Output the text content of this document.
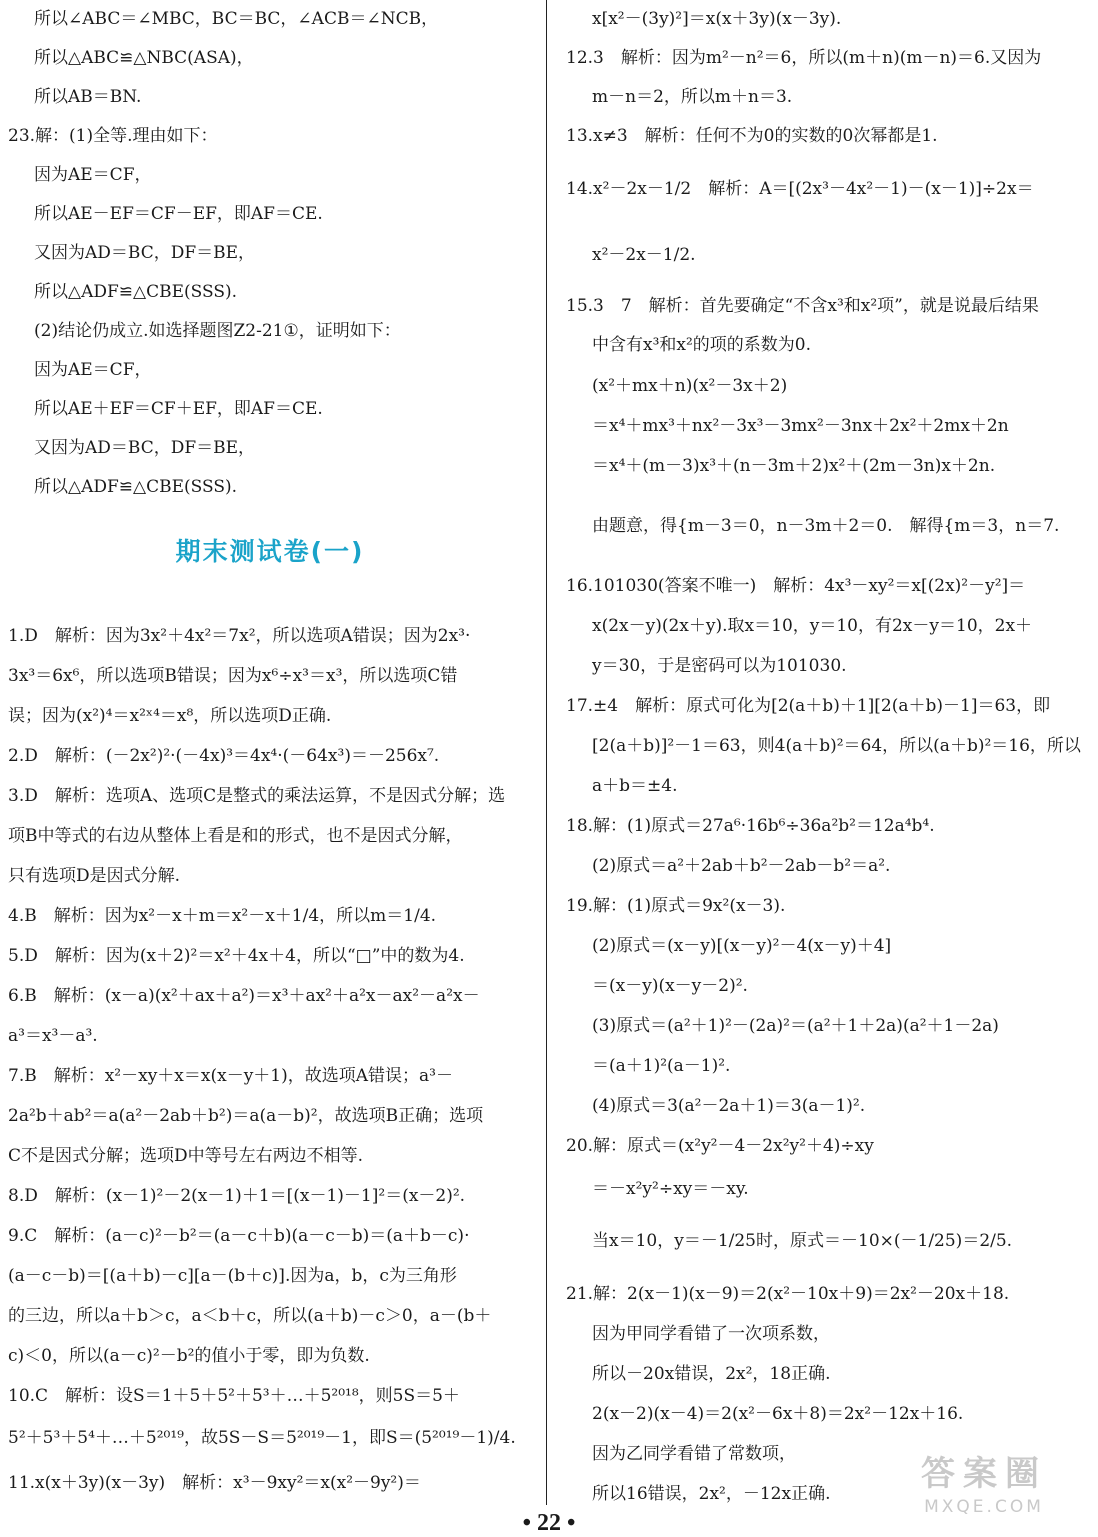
所以∠ABC＝∠MBC，BC＝BC，∠ACB＝∠NCB，
所以△ABC≌△NBC(ASA)，
所以AB＝BN.
23.解：(1)全等.理由如下：
因为AE＝CF，
所以AE－EF＝CF－EF，即AF＝CE.
又因为AD＝BC，DF＝BE，
所以△ADF≌△CBE(SSS).
(2)结论仍成立.如选择题图Z2-21①，证明如下：
因为AE＝CF，
所以AE＋EF＝CF＋EF，即AF＝CE.
又因为AD＝BC，DF＝BE，
所以△ADF≌△CBE(SSS).
期末测试卷(一)
1.D　解析：因为3x²＋4x²＝7x²，所以选项A错误；因为2x³·
3x³＝6x⁶，所以选项B错误；因为x⁶÷x³＝x³，所以选项C错
误；因为(x²)⁴＝x²ˣ⁴＝x⁸，所以选项D正确.
2.D　解析：(－2x²)²·(－4x)³＝4x⁴·(－64x³)＝－256x⁷.
3.D　解析：选项A、选项C是整式的乘法运算，不是因式分解；选
项B中等式的右边从整体上看是和的形式，也不是因式分解，
只有选项D是因式分解.
4.B　解析：因为x²－x＋m＝x²－x＋1/4，所以m＝1/4.
5.D　解析：因为(x＋2)²＝x²＋4x＋4，所以“□”中的数为4.
6.B　解析：(x－a)(x²＋ax＋a²)＝x³＋ax²＋a²x－ax²－a²x－
a³＝x³－a³.
7.B　解析：x²－xy＋x＝x(x－y＋1)，故选项A错误；a³－
2a²b＋ab²＝a(a²－2ab＋b²)＝a(a－b)²，故选项B正确；选项
C不是因式分解；选项D中等号左右两边不相等.
8.D　解析：(x－1)²－2(x－1)＋1＝[(x－1)－1]²＝(x－2)².
9.C　解析：(a－c)²－b²＝(a－c＋b)(a－c－b)＝(a＋b－c)·
(a－c－b)＝[(a＋b)－c][a－(b＋c)].因为a，b，c为三角形
的三边，所以a＋b＞c，a＜b＋c，所以(a＋b)－c＞0，a－(b＋
c)＜0，所以(a－c)²－b²的值小于零，即为负数.
10.C　解析：设S＝1＋5＋5²＋5³＋…＋5²⁰¹⁸，则5S＝5＋
5²＋5³＋5⁴＋…＋5²⁰¹⁹，故5S－S＝5²⁰¹⁹－1，即S＝(5²⁰¹⁹－1)/4.
11.x(x＋3y)(x－3y)　解析：x³－9xy²＝x(x²－9y²)＝
x[x²－(3y)²]＝x(x＋3y)(x－3y).
12.3　解析：因为m²－n²＝6，所以(m＋n)(m－n)＝6.又因为
m－n＝2，所以m＋n＝3.
13.x≠3　解析：任何不为0的实数的0次幂都是1.
14.x²－2x－1/2　解析：A＝[(2x³－4x²－1)－(x－1)]÷2x＝
x²－2x－1/2.
15.3　7　解析：首先要确定“不含x³和x²项”，就是说最后结果
中含有x³和x²的项的系数为0.
(x²＋mx＋n)(x²－3x＋2)
＝x⁴＋mx³＋nx²－3x³－3mx²－3nx＋2x²＋2mx＋2n
＝x⁴＋(m－3)x³＋(n－3m＋2)x²＋(2m－3n)x＋2n.
由题意，得{m－3＝0，n－3m＋2＝0.　解得{m＝3，n＝7.
16.101030(答案不唯一)　解析：4x³－xy²＝x[(2x)²－y²]＝
x(2x－y)(2x＋y).取x＝10，y＝10，有2x－y＝10，2x＋
y＝30，于是密码可以为101030.
17.±4　解析：原式可化为[2(a＋b)＋1][2(a＋b)－1]＝63，即
[2(a＋b)]²－1＝63，则4(a＋b)²＝64，所以(a＋b)²＝16，所以
a＋b＝±4.
18.解：(1)原式＝27a⁶·16b⁶÷36a²b²＝12a⁴b⁴.
(2)原式＝a²＋2ab＋b²－2ab－b²＝a².
19.解：(1)原式＝9x²(x－3).
(2)原式＝(x－y)[(x－y)²－4(x－y)＋4]
＝(x－y)(x－y－2)².
(3)原式＝(a²＋1)²－(2a)²＝(a²＋1＋2a)(a²＋1－2a)
＝(a＋1)²(a－1)².
(4)原式＝3(a²－2a＋1)＝3(a－1)².
20.解：原式＝(x²y²－4－2x²y²＋4)÷xy
＝－x²y²÷xy＝－xy.
当x＝10，y＝－1/25时，原式＝－10×(－1/25)＝2/5.
21.解：2(x－1)(x－9)＝2(x²－10x＋9)＝2x²－20x＋18.
因为甲同学看错了一次项系数，
所以－20x错误，2x²，18正确.
2(x－2)(x－4)＝2(x²－6x＋8)＝2x²－12x＋16.
因为乙同学看错了常数项，
所以16错误，2x²，－12x正确.	答案圈
MXQE.COM
• 22 •
